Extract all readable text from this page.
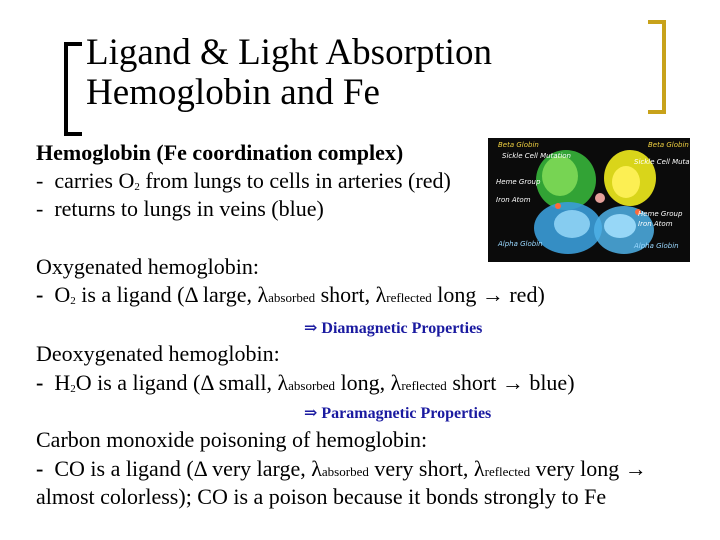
Ligand & Light Absorption
Hemoglobin and Fe
Hemoglobin (Fe coordination complex)
- carries O2 from lungs to cells in arteries (red)
- returns to lungs in veins (blue)
Beta Globin	Beta Globin
Sickle Cell Mutation
Sickle Cell Mutation
Heme Group
Iron Atom
Heme Group
Iron Atom
Alpha Globin	Alpha Globin
Oxygenated hemoglobin:
- O2 is a ligand (Δ large, λabsorbed short, λreflected long → red)
⇒ Diamagnetic Properties
Deoxygenated hemoglobin:
- H2O is a ligand (Δ small, λabsorbed long, λreflected short → blue)
⇒ Paramagnetic Properties
Carbon monoxide poisoning of hemoglobin:
- CO is a ligand (Δ very large, λabsorbed very short, λreflected very long →
almost colorless); CO is a poison because it bonds strongly to Fe
